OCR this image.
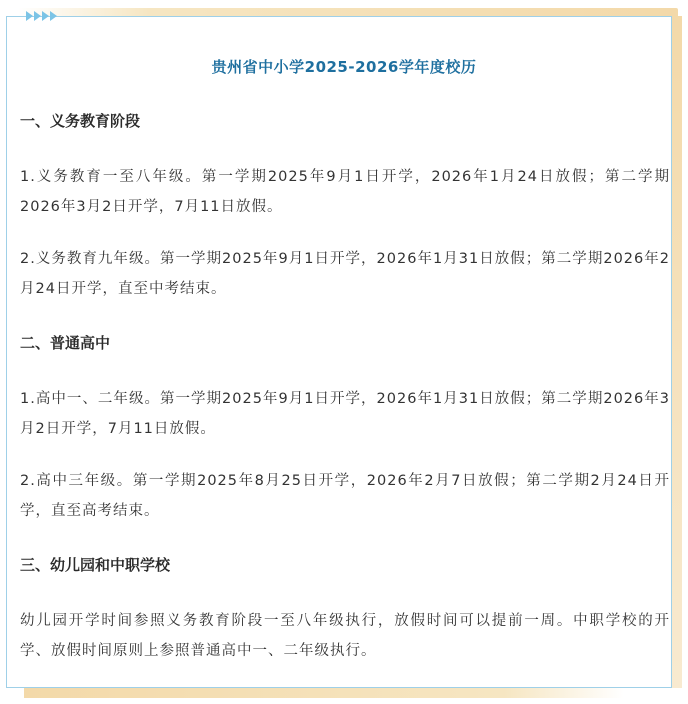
贵州省中小学2025-2026学年度校历
一、义务教育阶段

1.义务教育一至八年级。第一学期2025年9月1日开学，2026年1月24日放假；第二学期2026年3月2日开学，7月11日放假。

2.义务教育九年级。第一学期2025年9月1日开学，2026年1月31日放假；第二学期2026年2月24日开学，直至中考结束。

二、普通高中

1.高中一、二年级。第一学期2025年9月1日开学，2026年1月31日放假；第二学期2026年3月2日开学，7月11日放假。

2.高中三年级。第一学期2025年8月25日开学，2026年2月7日放假；第二学期2月24日开学，直至高考结束。

三、幼儿园和中职学校

幼儿园开学时间参照义务教育阶段一至八年级执行，放假时间可以提前一周。中职学校的开学、放假时间原则上参照普通高中一、二年级执行。
